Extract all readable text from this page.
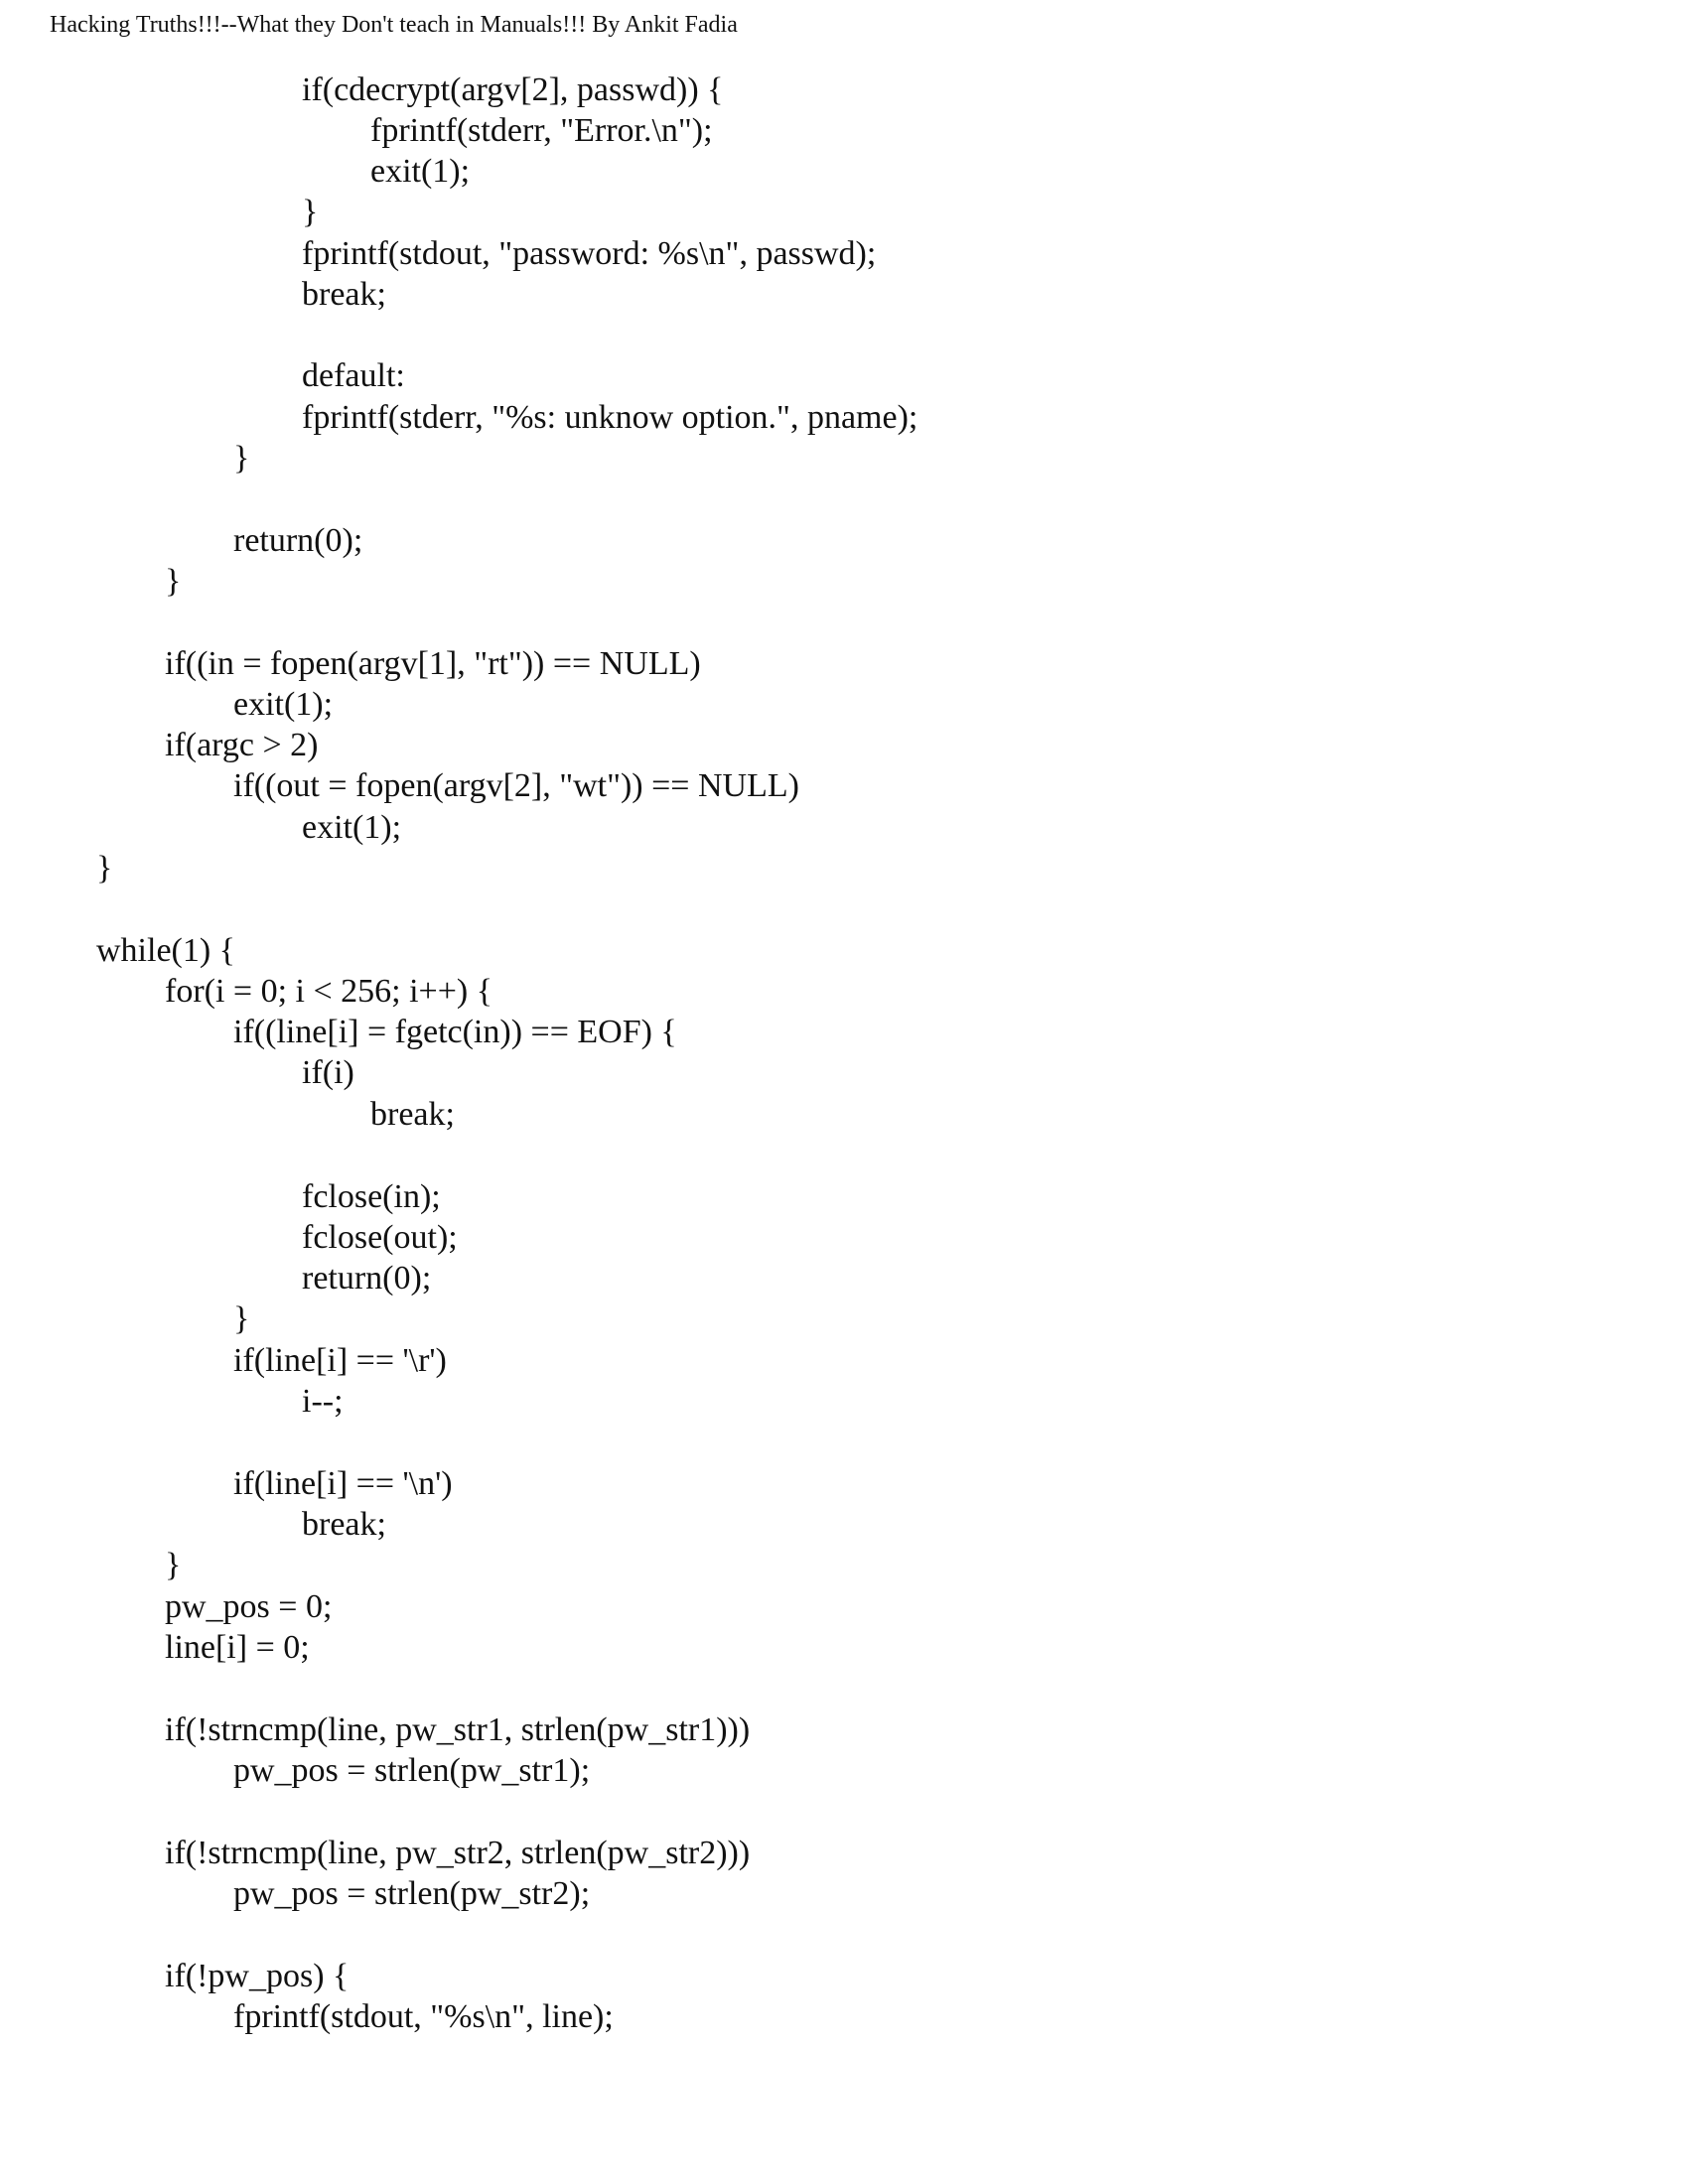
Hacking Truths!!!--What they Don't teach in Manuals!!! By Ankit Fadia
if(cdecrypt(argv[2], passwd)) {
fprintf(stderr, "Error.\n");
exit(1);
}
fprintf(stdout, "password: %s\n", passwd);
break;
default:
fprintf(stderr, "%s: unknow option.", pname);
}
return(0);
}
if((in = fopen(argv[1], "rt")) == NULL)
exit(1);
if(argc > 2)
if((out = fopen(argv[2], "wt")) == NULL)
exit(1);
}
while(1) {
for(i = 0; i < 256; i++) {
if((line[i] = fgetc(in)) == EOF) {
if(i)
break;
fclose(in);
fclose(out);
return(0);
}
if(line[i] == '\r')
i--;
if(line[i] == '\n')
break;
}
pw_pos = 0;
line[i] = 0;
if(!strncmp(line, pw_str1, strlen(pw_str1)))
pw_pos = strlen(pw_str1);
if(!strncmp(line, pw_str2, strlen(pw_str2)))
pw_pos = strlen(pw_str2);
if(!pw_pos) {
fprintf(stdout, "%s\n", line);
